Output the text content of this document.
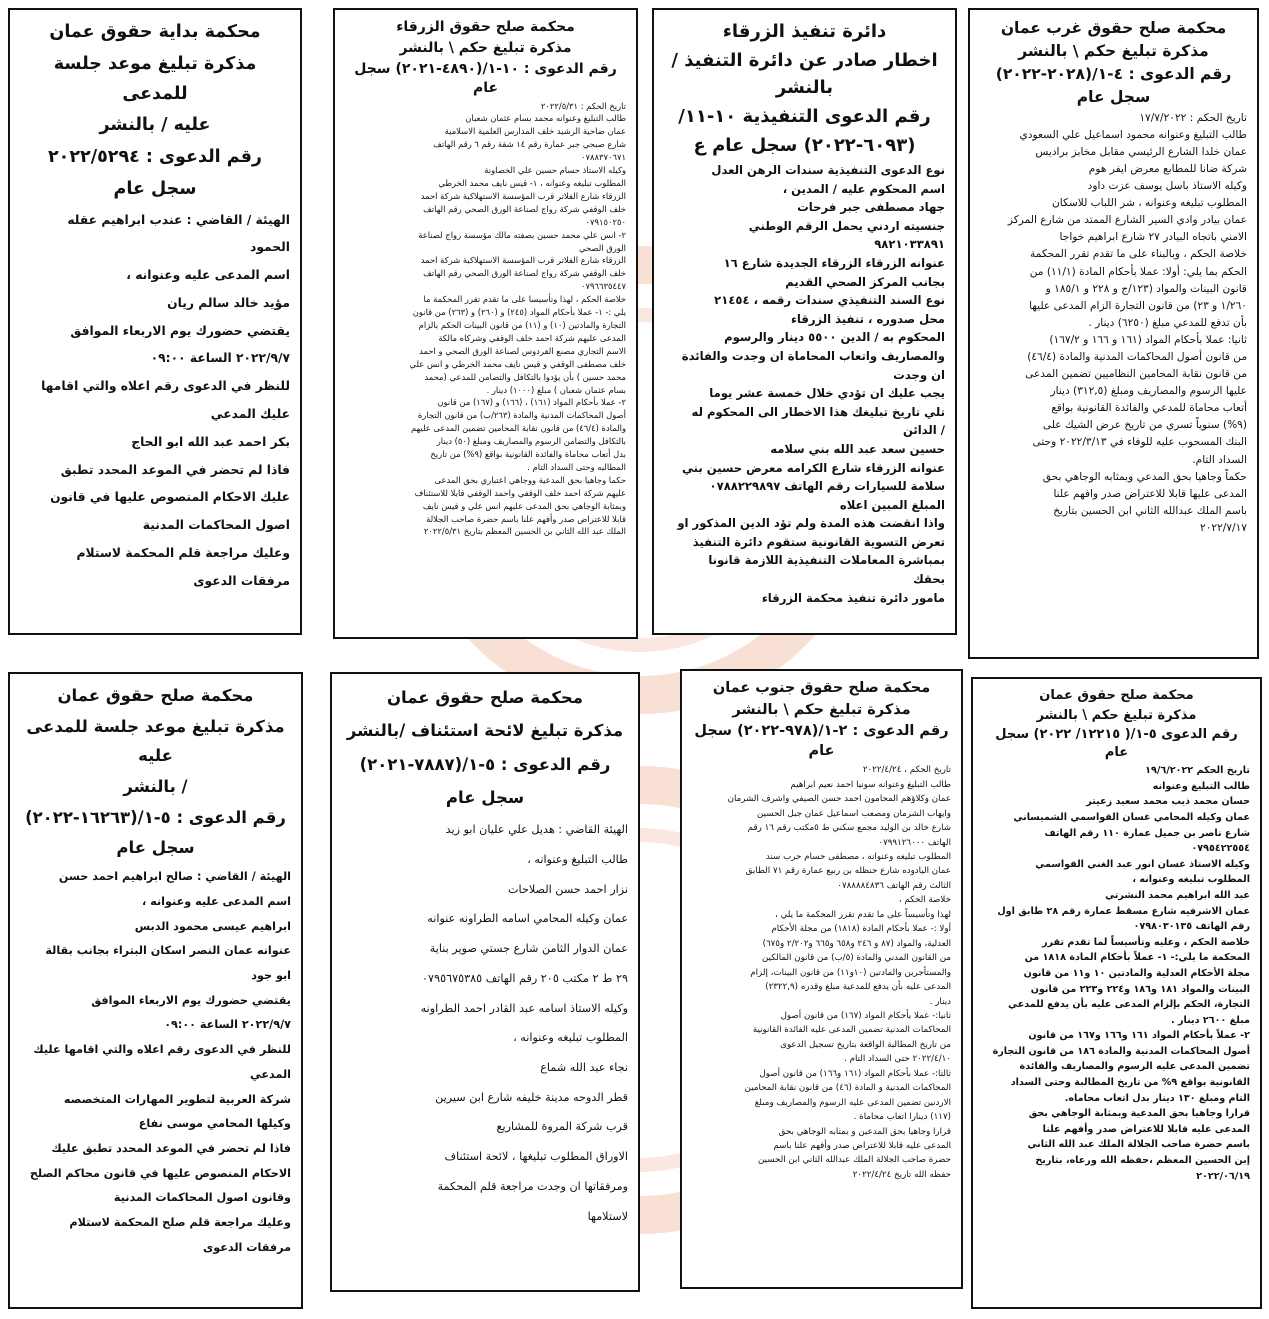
محكمة صلح حقوق غرب عمان
مذكرة تبليغ حكم \ بالنشر
رقم الدعوى : ٤-١/(٢٠٢٨-٢٠٢٢)
سجل عام
تاريخ الحكم : ١٧/٧/٢٠٢٢
طالب التبليغ وعنوانه محمود اسماعيل علي السعودي
عمان خلدا الشارع الرئيسي مقابل مخابز براديس
شركة ضانا للمطابع معرض ايفر هوم
وكيله الاستاذ باسل يوسف عزت داود
المطلوب تبليغه وعنوانه ، شر اللباب للاسكان
عمان بيادر وادي السير الشارع الممتد من شارع المركز
الامني باتجاه البيادر ٢٧ شارع ابراهيم خواجا
خلاصة الحكم ، وبالبناء على ما تقدم تقرر المحكمة
الحكم بما يلي: أولا: عملا بأحكام المادة (١١/١) من
قانون البينات والمواد (١٢٣/ج و ٢٢٨ و ١٨٥/١ و
١/٢٦٠ و ٢٣) من قانون التجارة الزام المدعى عليها
بأن تدفع للمدعي مبلغ (٦٢٥٠) دينار .
ثانيا: عملا بأحكام المواد (١٦١ و ١٦٦ و ١٦٧/٢)
من قانون أصول المحاكمات المدنية والمادة (٤٦/٤)
من قانون نقابة المحامين النظاميين تضمين المدعى
عليها الرسوم والمصاريف ومبلغ (٣١٢,٥) دينار
أتعاب محاماة للمدعي والفائدة القانونية بواقع
(٩%) سنوياً تسري من تاريخ عرض الشيك على
البنك المسحوب عليه للوفاء في ٢٠٢٢/٣/١٣ وحتى
السداد التام.
حكماً وجاهيا بحق المدعي وبمثابه الوجاهي بحق
المدعى عليها قابلا للاعتراض صدر وافهم علنا
باسم الملك عبدالله الثاني ابن الحسين بتاريخ
٢٠٢٢/٧/١٧
دائرة تنفيذ الزرقاء
اخطار صادر عن دائرة التنفيذ / بالنشر
رقم الدعوى التنفيذية ١٠-١١/
(٦٠٩٣-٢٠٢٢) سجل عام ع
نوع الدعوى التنفيذية سندات الرهن العدل
اسم المحكوم عليه / المدين ،
جهاد مصطفى جبر فرحات
جنسيته اردني يحمل الرقم الوطني
٩٨٢١٠٣٣٨٩١
عنوانه الزرقاء الزرقاء الجديدة شارع ١٦
بجانب المركز الصحي القديم
نوع السند التنفيذي سندات رقمه ، ٢١٤٥٤
محل صدوره ، تنفيذ الزرقاء
المحكوم به / الدين ٥٥٠٠ دينار والرسوم
والمصاريف واتعاب المحاماة ان وجدت والفائدة
ان وجدت
يجب عليك ان تؤدي خلال خمسة عشر يوما
تلي تاريخ تبليغك هذا الاخطار الى المحكوم له
/ الدائن
حسين سعد عبد الله بني سلامه
عنوانه الزرقاء شارع الكرامه معرض حسين بني
سلامة للسيارات رقم الهاتف ٠٧٨٨٢٢٩٨٩٧
المبلغ المبين اعلاه
واذا انقضت هذه المدة ولم تؤد الدين المذكور او
تعرض التسوية القانونية ستقوم دائرة التنفيذ
بمباشرة المعاملات التنفيذية اللازمة قانونا
بحقك
مامور دائرة تنفيذ محكمة الزرقاء
محكمة صلح حقوق الزرقاء
مذكرة تبليغ حكم \ بالنشر
رقم الدعوى : ١٠-١/(٤٨٩٠-٢٠٢١) سجل عام
تاريخ الحكم : ٢٠٢٢/٥/٣١
طالب التبليغ وعنوانه محمد بسام عثمان شعبان
عمان ضاحية الرشيد خلف المدارس العلمية الاسلامية
شارع صبحي جبر عمارة رقم ١٤ شقة رقم ٦ رقم الهاتف
٠٧٨٨٣٧٠٦٧١
وكيله الاستاذ حسام حسين علي الخصاونة
المطلوب تبليغه وعنوانه ، ١- قيس نايف محمد الخرطي
الزرقاء شارع الفلاتر قرب المؤسسة الاستهلاكية شركة احمد
خلف الوقفي شركة رواج لصناعة الورق الصحي رقم الهاتف
٠٧٩١٥٠٢٥٠
٢- انس علي محمد حسين بصفته مالك مؤسسة رواج لصناعة
الورق الصحي
الزرقاء شارع الفلاتر قرب المؤسسة الاستهلاكية شركة احمد
خلف الوقفي شركة رواج لصناعة الورق الصحي رقم الهاتف
٠٧٩٦٦٣٥٤٤٧
خلاصة الحكم ، لهذا وتأسيسا على ما تقدم تقرر المحكمة ما
يلي :- ١- عملا بأحكام المواد (٢٤٥) و (٢٦٠) و (٢٦٣) من قانون
التجارة والمادتين (١٠) و (١١) من قانون البينات الحكم بالزام
المدعى عليهم شركة احمد خلف الوقفي وشركاه مالكة
الاسم التجاري مصنع الفردوس لصناعة الورق الصحي و احمد
خلف مصطفى الوقفي و قيس نايف محمد الخرطي و انس علي
محمد حسين ) بأن يؤدوا بالتكافل والتضامن للمدعي (محمد
بسام عثمان شعبان ) مبلغ (١٠٠٠) دينار .
٢- عملا بأحكام المواد (١٦١) ، (١٦٦) و (١٦٧) من قانون
أصول المحاكمات المدنية والمادة (٢٦٣/ب) من قانون التجارة
والمادة (٤٦/٤) من قانون نقابة المحامين تضمين المدعى عليهم
بالتكافل والتضامن الرسوم والمصاريف ومبلغ (٥٠) دينار
بدل أتعاب محاماة والفائدة القانونية بواقع (٩%) من تاريخ
المطالبه وحتى السداد التام .
حكما وجاهيا بحق المدعية ووجاهي اعتباري بحق المدعى
عليهم شركة احمد خلف الوقفي واحمد الوقفي قابلا للاستئناف
وبمثابة الوجاهي بحق المدعى عليهم انس علي و قيس نايف
قابلا للاعتراض صدر وأفهم علنا باسم حضرة صاحب الجلالة
الملك عبد الله الثاني بن الحسين المعظم بتاريخ ٢٠٢٢/٥/٣١
محكمة بداية حقوق عمان
مذكرة تبليغ موعد جلسة للمدعى
عليه / بالنشر
رقم الدعوى : ٢٠٢٢/٥٢٩٤
سجل عام
الهيئة / القاضي : عندب ابراهيم عقله
الحمود
اسم المدعى عليه وعنوانه ،
مؤيد خالد سالم ريان
يقتضي حضورك يوم الاربعاء الموافق
٢٠٢٢/٩/٧ الساعة ٠٩:٠٠
للنظر في الدعوى رقم اعلاه والتي اقامها
عليك المدعي
بكر احمد عبد الله ابو الحاج
فاذا لم تحضر في الموعد المحدد تطبق
عليك الاحكام المنصوص عليها في قانون
اصول المحاكمات المدنية
وعليك مراجعة قلم المحكمة لاستلام
مرفقات الدعوى
محكمة صلح حقوق عمان
مذكرة تبليغ حكم \ بالنشر
رقم الدعوى ٥-١/( ١٢٢١٥/ ٢٠٢٢) سجل عام
تاريخ الحكم ١٩/٦/٢٠٢٢
طالب التبليغ وعنوانه
حسان محمد ذيب محمد سعيد زعيتر
عمان وكيله المحامي غسان القواسمي الشميساني
شارع ناصر بن جميل عمارة ١١٠ رقم الهاتف
٠٧٩٥٤٢٢٥٥٤
وكيله الاستاذ غسان انور عبد الغني القواسمي
المطلوب تبليغه وعنوانه ،
عبد الله ابراهيم محمد النشرتي
عمان الاشرفيه شارع مسقط عمارة رقم ٢٨ طابق اول
رقم الهاتف ٠٧٩٨٠٣٠١٣٥
خلاصة الحكم ، وعليه وتأسيساً لما تقدم تقرر
المحكمة ما يلي:- ١- عملاً بأحكام المادة ١٨١٨ من
مجلة الأحكام العدلية والمادتين ١٠ و١١ من قانون
البينات والمواد ١٨١ و١٨٦ و٢٢٤ و٢٢٣ من قانون
التجارة، الحكم بإلزام المدعى عليه بأن يدفع للمدعي
مبلغ ٢٦٠٠ دينار .
٢- عملاً بأحكام المواد ١٦١ و١٦٦ و١٦٧ من قانون
أصول المحاكمات المدنية والمادة ١٨٦ من قانون التجارة
تضمين المدعى عليه الرسوم والمصاريف والفائدة
القانونية بواقع ٩% من تاريخ المطالبة وحتى السداد
التام ومبلغ ١٣٠ دينار بدل اتعاب محاماه.
قرارا وجاهيا بحق المدعية وبمثابة الوجاهي بحق
المدعى عليه قابلا للاعتراض صدر وأفهم علنا
باسم حضرة صاحب الجلالة الملك عبد الله الثاني
إبن الحسين المعظم ،حفظه الله ورعاه، بتاريخ
٢٠٢٢/٠٦/١٩
محكمة صلح حقوق جنوب عمان
مذكرة تبليغ حكم \ بالنشر
رقم الدعوى : ٢-١/(٩٧٨-٢٠٢٢) سجل عام
تاريخ الحكم ، ٢٠٢٢/٤/٢٤
طالب التبليغ وعنوانه سونيا احمد نعيم ابراهيم
عمان وكلاؤهم المحامون احمد حسن الصيفي واشرف الشرمان
وايهاب الشرمان ومصعب اسماعيل عمان جبل الحسين
شارع خالد بن الوليد مجمع سكني ط ٥مكتب رقم ١٦ رقم
الهاتف ٠٧٩٩١٢٦٠٠٠
المطلوب تبليغه وعنوانه ، مصطفى حسام حرب سند
عمان اليادوده شارع حنظله بن ربيع عمارة رقم ٧١ الطابق
الثالث رقم الهاتف ٠٧٨٨٨٨٤٨٣٦
خلاصة الحكم ،
لهذا وتأسيساً على ما تقدم تقرر المحكمة ما يلي ،
أولا :- عملا بأحكام المادة (١٨١٨) من مجلة الأحكام
العدلية، والمواد (٨٧ و ٢٤٦ و٦٥٨ و٦٦٥ و٢/٢٠٢ و٦٧٥)
من القانون المدني والمادة (٥/ب) من قانون المالكين
والمستأجرين والمادتين (١٠و١١) من قانون البينات، إلزام
المدعى عليه بأن يدفع للمدعية مبلغ وقدره (٢٣٢٢,٩)
دينار .
ثانيا:- عملا بأحكام المواد (١٦٧) من قانون أصول
المحاكمات المدنية تضمين المدعى عليه الفائدة القانونية
من تاريخ المطالبة الواقعة بتاريخ تسجيل الدعوى
٢٠٢٢/٤/١٠ حتى السداد التام .
ثالثا:- عملا بأحكام المواد (١٦١ و١٦٦) من قانون أصول
المحاكمات المدنية و المادة (٤٦) من قانون نقابة المحامين
الاردنين تضمين المدعى عليه الرسوم والمصاريف ومبلغ
(١١٧) دينارا اتعاب محاماة .
قرارا وجاهيا بحق المدعين و بمثابه الوجاهي بحق
المدعى عليه قابلا للاعتراض صدر وأفهم علنا باسم
حضرة صاحب الجلالة الملك عبدالله الثاني ابن الحسين
حفظه الله تاريخ ٢٠٢٢/٤/٢٤
محكمة صلح حقوق عمان
مذكرة تبليغ لائحة استئناف /بالنشر
رقم الدعوى : ٥-١/(٧٨٨٧-٢٠٢١)
سجل عام
الهيئة القاضي : هديل علي عليان ابو زيد
طالب التبليغ وعنوانه ،
نزار احمد حسن الصلاحات
عمان وكيله المحامي اسامه الطراونه عنوانه
عمان الدوار الثامن شارع جستي صوير بناية
٢٩ ط ٢ مكتب ٢٠٥ رقم الهاتف ٠٧٩٥٦٧٥٣٨٥
وكيله الاستاذ اسامه عبد القادر احمد الطراونه
المطلوب تبليغه وعنوانه ،
نجاء عبد الله شماع
قطر الدوحه مدينة خليفه شارع ابن سيرين
قرب شركة المروة للمشاريع
الاوراق المطلوب تبليغها ، لائحة استئناف
ومرفقاتها ان وجدت مراجعة قلم المحكمة
لاستلامها
محكمة صلح حقوق عمان
مذكرة تبليغ موعد جلسة للمدعى عليه
/ بالنشر
رقم الدعوى : ٥-١/(١٦٢٦٣-٢٠٢٢)
سجل عام
الهيئة / القاضي : صالح ابراهيم احمد حسن
اسم المدعى عليه وعنوانه ،
ابراهيم عيسى محمود الدبس
عنوانه عمان النصر اسكان البتراء بجانب بقالة
ابو جود
يقتضي حضورك يوم الاربعاء الموافق
٢٠٢٢/٩/٧ الساعة ٠٩:٠٠
للنظر في الدعوى رقم اعلاه والتي اقامها عليك
المدعي
شركة العربية لتطوير المهارات المتخصصه
وكيلها المحامي موسى نفاع
فاذا لم تحضر في الموعد المحدد تطبق عليك
الاحكام المنصوص عليها في قانون محاكم الصلح
وقانون اصول المحاكمات المدنية
وعليك مراجعة قلم صلح المحكمة لاستلام
مرفقات الدعوى
